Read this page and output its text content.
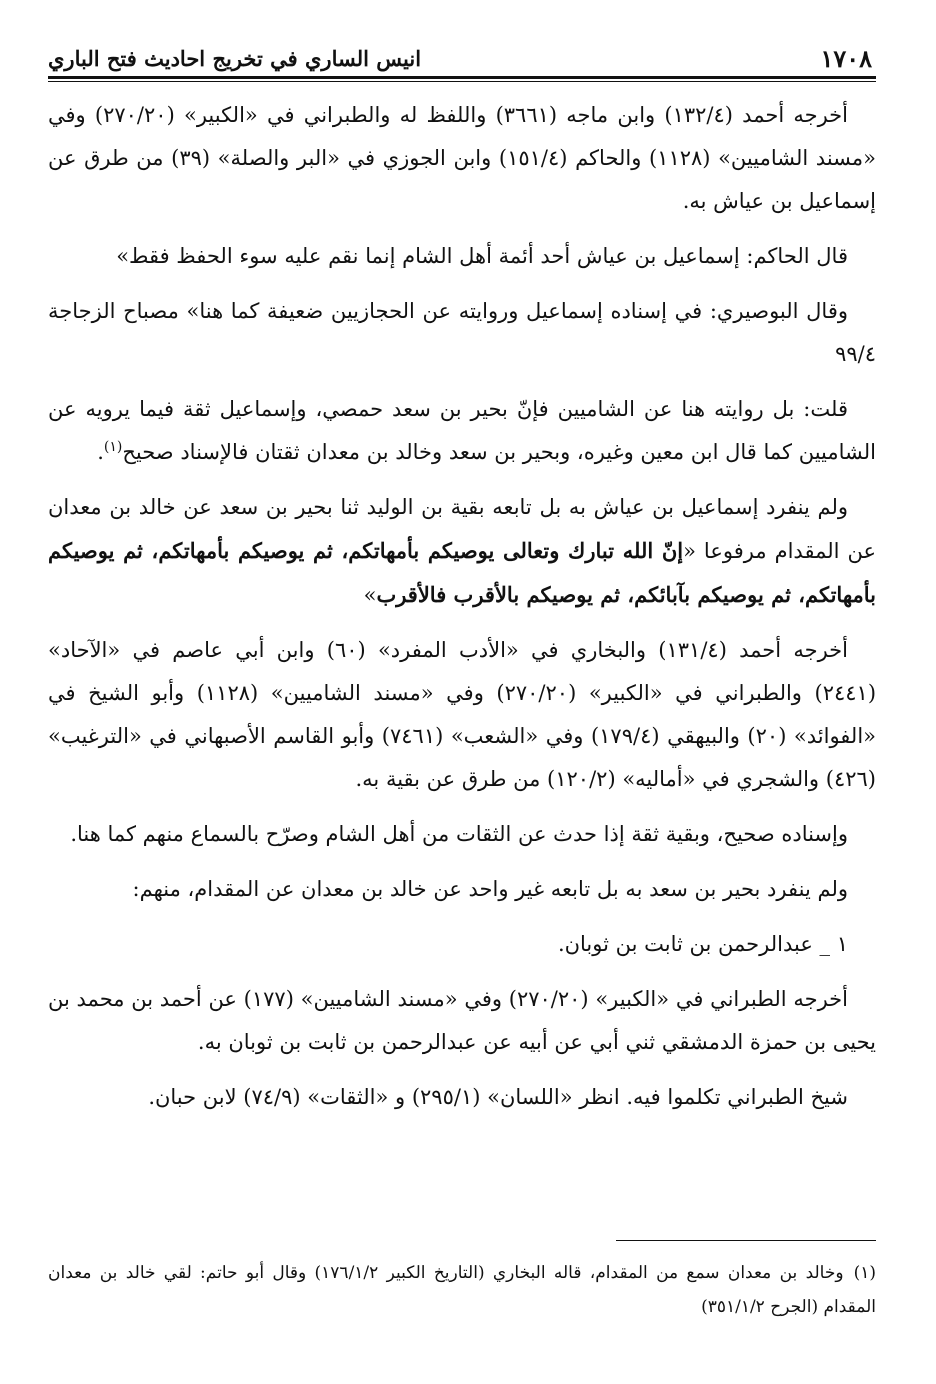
١٧٠٨
انيس الساري في تخريج احاديث فتح الباري

أخرجه أحمد (١٣٢/٤) وابن ماجه (٣٦٦١) واللفظ له والطبراني في «الكبير» (٢٧٠/٢٠) وفي «مسند الشاميين» (١١٢٨) والحاكم (١٥١/٤) وابن الجوزي في «البر والصلة» (٣٩) من طرق عن إسماعيل بن عياش به.

قال الحاكم: إسماعيل بن عياش أحد أئمة أهل الشام إنما نقم عليه سوء الحفظ فقط»

وقال البوصيري: في إسناده إسماعيل وروايته عن الحجازيين ضعيفة كما هنا» مصباح الزجاجة ٩٩/٤

قلت: بل روايته هنا عن الشاميين فإنّ بحير بن سعد حمصي، وإسماعيل ثقة فيما يرويه عن الشاميين كما قال ابن معين وغيره، وبحير بن سعد وخالد بن معدان ثقتان فالإسناد صحيح$^{(١)}$.

ولم ينفرد إسماعيل بن عياش به بل تابعه بقية بن الوليد ثنا بحير بن سعد عن خالد بن معدان عن المقدام مرفوعا «إنّ الله تبارك وتعالى يوصيكم بأمهاتكم، ثم يوصيكم بأمهاتكم، ثم يوصيكم بأمهاتكم، ثم يوصيكم بآبائكم، ثم يوصيكم بالأقرب فالأقرب»

أخرجه أحمد (١٣١/٤) والبخاري في «الأدب المفرد» (٦٠) وابن أبي عاصم في «الآحاد» (٢٤٤١) والطبراني في «الكبير» (٢٧٠/٢٠) وفي «مسند الشاميين» (١١٢٨) وأبو الشيخ في «الفوائد» (٢٠) والبيهقي (١٧٩/٤) وفي «الشعب» (٧٤٦١) وأبو القاسم الأصبهاني في «الترغيب» (٤٢٦) والشجري في «أماليه» (١٢٠/٢) من طرق عن بقية به.

وإسناده صحيح، وبقية ثقة إذا حدث عن الثقات من أهل الشام وصرّح بالسماع منهم كما هنا.

ولم ينفرد بحير بن سعد به بل تابعه غير واحد عن خالد بن معدان عن المقدام، منهم:

١ _ عبدالرحمن بن ثابت بن ثوبان.

أخرجه الطبراني في «الكبير» (٢٧٠/٢٠) وفي «مسند الشاميين» (١٧٧) عن أحمد بن محمد بن يحيى بن حمزة الدمشقي ثني أبي عن أبيه عن عبدالرحمن بن ثابت بن ثوبان به.

شيخ الطبراني تكلموا فيه. انظر «اللسان» (٢٩٥/١) و «الثقات» (٧٤/٩) لابن حبان.

(١)وخالد بن معدان سمع من المقدام، قاله البخاري (التاريخ الكبير ١٧٦/١/٢) وقال أبو حاتم: لقي خالد بن معدان المقدام (الجرح ٣٥١/١/٢)
